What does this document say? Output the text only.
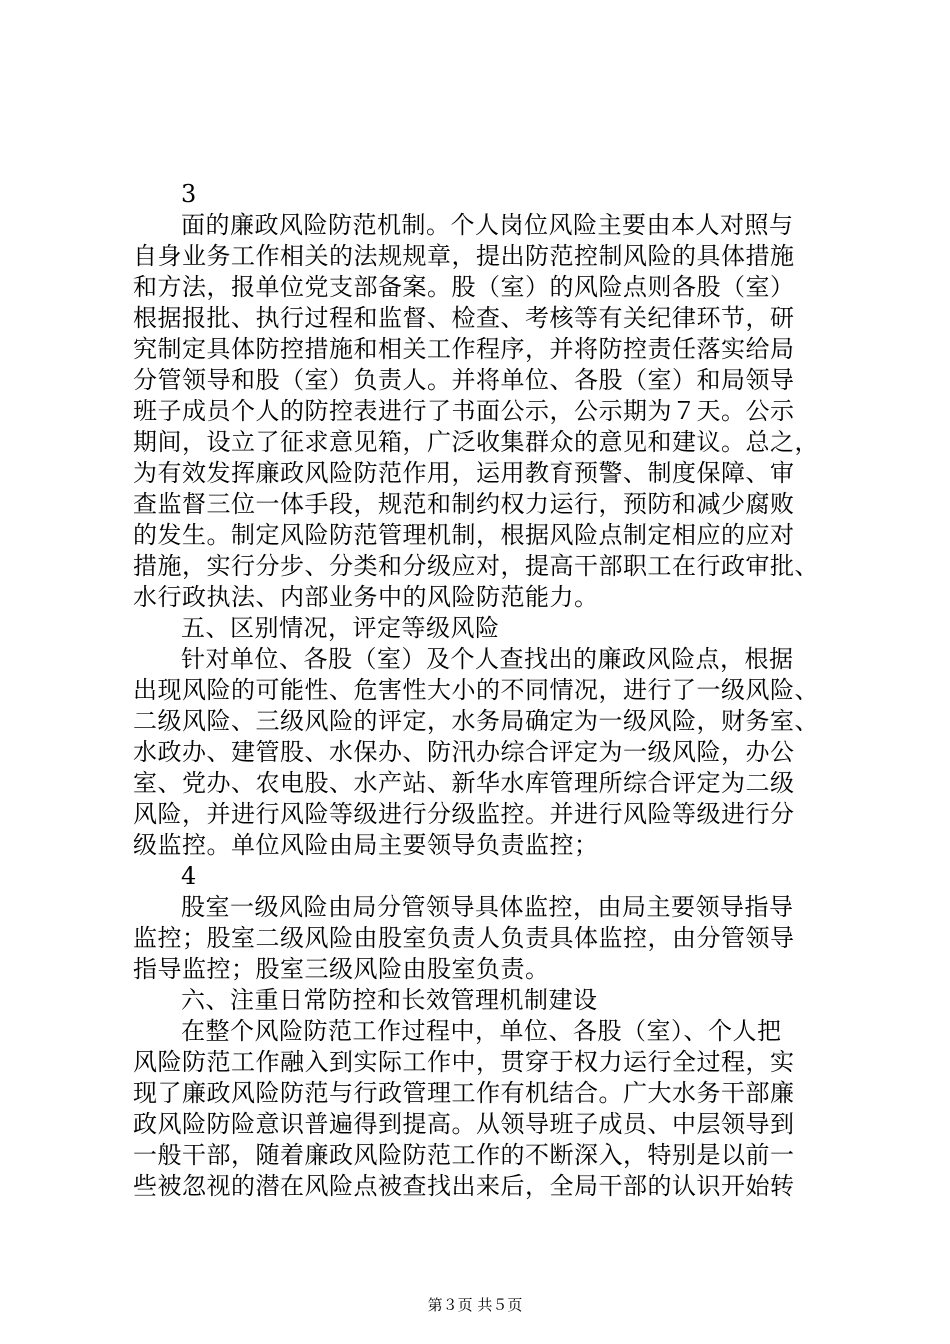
3
面的廉政风险防范机制。个人岗位风险主要由本人对照与
自身业务工作相关的法规规章，提出防范控制风险的具体措施
和方法，报单位党支部备案。股（室）的风险点则各股（室）
根据报批、执行过程和监督、检查、考核等有关纪律环节，研
究制定具体防控措施和相关工作程序，并将防控责任落实给局
分管领导和股（室）负责人。并将单位、各股（室）和局领导
班子成员个人的防控表进行了书面公示，公示期为７天。公示
期间，设立了征求意见箱，广泛收集群众的意见和建议。总之，
为有效发挥廉政风险防范作用，运用教育预警、制度保障、审
查监督三位一体手段，规范和制约权力运行，预防和减少腐败
的发生。制定风险防范管理机制，根据风险点制定相应的应对
措施，实行分步、分类和分级应对，提高干部职工在行政审批、
水行政执法、内部业务中的风险防范能力。
五、区别情况，评定等级风险
针对单位、各股（室）及个人查找出的廉政风险点，根据
出现风险的可能性、危害性大小的不同情况，进行了一级风险、
二级风险、三级风险的评定，水务局确定为一级风险，财务室、
水政办、建管股、水保办、防汛办综合评定为一级风险，办公
室、党办、农电股、水产站、新华水库管理所综合评定为二级
风险，并进行风险等级进行分级监控。并进行风险等级进行分
级监控。单位风险由局主要领导负责监控；
4
股室一级风险由局分管领导具体监控，由局主要领导指导
监控；股室二级风险由股室负责人负责具体监控，由分管领导
指导监控；股室三级风险由股室负责。
六、注重日常防控和长效管理机制建设
在整个风险防范工作过程中，单位、各股（室）、个人把
风险防范工作融入到实际工作中，贯穿于权力运行全过程，实
现了廉政风险防范与行政管理工作有机结合。广大水务干部廉
政风险防险意识普遍得到提高。从领导班子成员、中层领导到
一般干部，随着廉政风险防范工作的不断深入，特别是以前一
些被忽视的潜在风险点被查找出来后，全局干部的认识开始转
第３页 共５页
